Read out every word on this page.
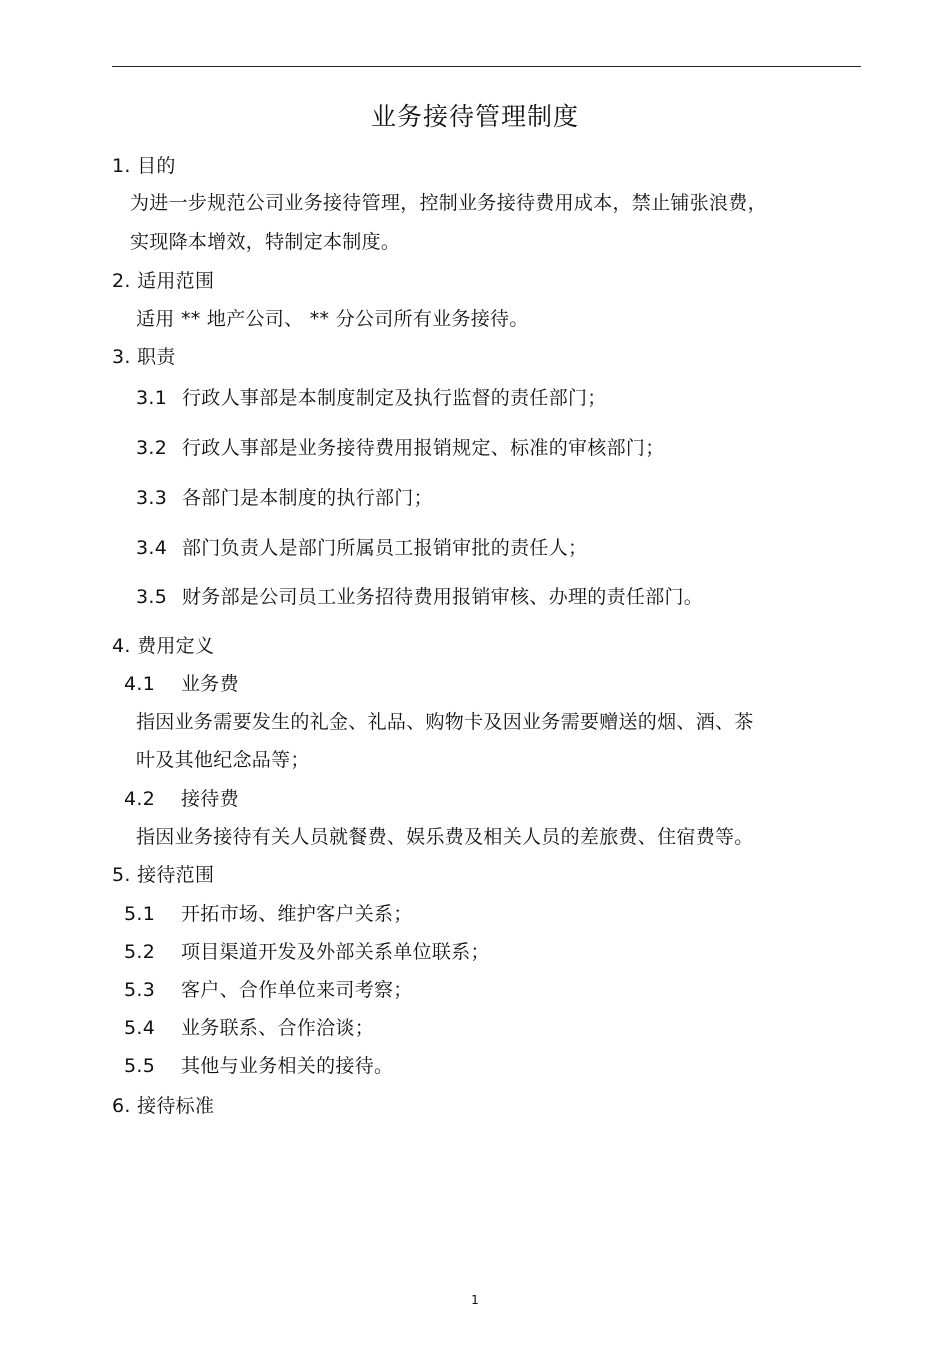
业务接待管理制度
1. 目的
为进一步规范公司业务接待管理，控制业务接待费用成本，禁止铺张浪费，
实现降本增效，特制定本制度。
2. 适用范围
适用 ** 地产公司、 ** 分公司所有业务接待。
3. 职责
3.1 行政人事部是本制度制定及执行监督的责任部门；
3.2 行政人事部是业务接待费用报销规定、标准的审核部门；
3.3 各部门是本制度的执行部门；
3.4 部门负责人是部门所属员工报销审批的责任人；
3.5 财务部是公司员工业务招待费用报销审核、办理的责任部门。
4. 费用定义
4.1 业务费
指因业务需要发生的礼金、礼品、购物卡及因业务需要赠送的烟、酒、茶
叶及其他纪念品等；
4.2 接待费
指因业务接待有关人员就餐费、娱乐费及相关人员的差旅费、住宿费等。
5. 接待范围
5.1 开拓市场、维护客户关系；
5.2 项目渠道开发及外部关系单位联系；
5.3 客户、合作单位来司考察；
5.4 业务联系、合作洽谈；
5.5 其他与业务相关的接待。
6. 接待标准
1
